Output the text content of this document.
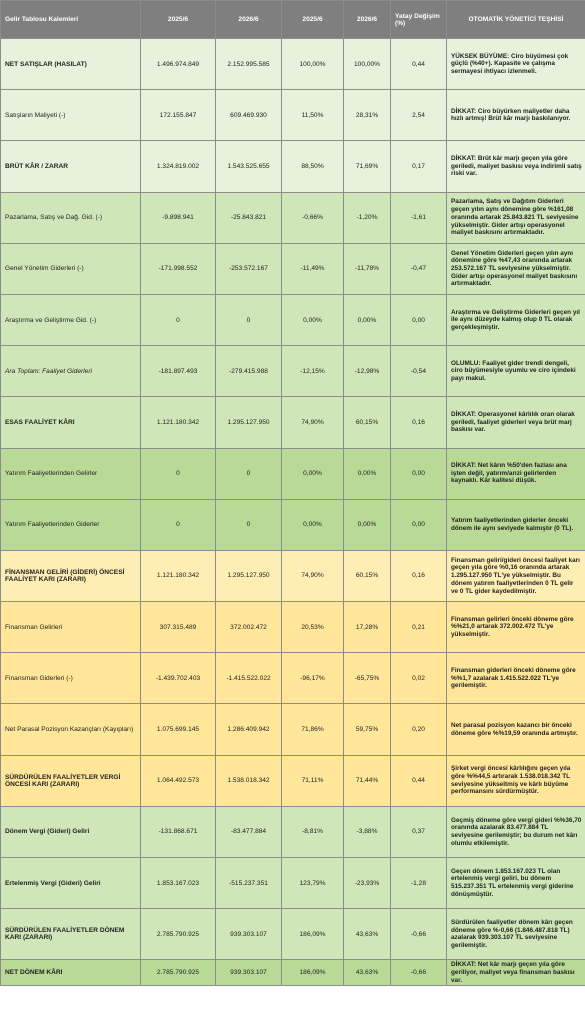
Gelir Tablosu Kalemleri	2025/6	2026/6	2025/6	2026/6	Yatay Değişim (%)	OTOMATİK YÖNETİCİ TEŞHİSİ
NET SATIŞLAR (HASILAT)	1.496.974.849	2.152.995.585	100,00%	100,00%	0,44	YÜKSEK BÜYÜME: Ciro büyümesi çok güçlü (%40+). Kapasite ve çalışma sermayesi ihtiyacı izlenmeli.
Satışların Maliyeti (-)	172.155.847	609.469.930	11,50%	28,31%	2,54	DİKKAT: Ciro büyürken maliyetler daha hızlı artmış! Brüt kâr marjı baskılanıyor.
BRÜT KÂR / ZARAR	1.324.819.002	1.543.525.655	88,50%	71,69%	0,17	DİKKAT: Brüt kâr marjı geçen yıla göre geriledi, maliyet baskısı veya indirimli satış riski var.
Pazarlama, Satış ve Dağ. Gid. (-)	-9.898.941	-25.843.821	-0,66%	-1,20%	-1,61	Pazarlama, Satış ve Dağıtım Giderleri geçen yılın aynı dönemine göre %161,08 oranında artarak 25.843.821 TL seviyesine yükselmiştir. Gider artışı operasyonel maliyet baskısını artırmaktadır.
Genel Yönetim Giderleri (-)	-171.998.552	-253.572.167	-11,49%	-11,78%	-0,47	Genel Yönetim Giderleri geçen yılın aynı dönemine göre %47,43 oranında artarak 253.572.167 TL seviyesine yükselmiştir. Gider artışı operasyonel maliyet baskısını artırmaktadır.
Araştırma ve Geliştirme Gid. (-)	0	0	0,00%	0,00%	0,00	Araştırma ve Geliştirme Giderleri geçen yıl ile aynı düzeyde kalmış olup 0 TL olarak gerçekleşmiştir.
Ara Toplam: Faaliyet Giderleri	-181.897.493	-279.415.988	-12,15%	-12,98%	-0,54	OLUMLU: Faaliyet gider trendi dengeli, ciro büyümesiyle uyumlu ve ciro içindeki payı makul.
ESAS FAALİYET KÂRI	1.121.180.342	1.295.127.950	74,90%	60,15%	0,16	DİKKAT: Operasyonel kârlılık oran olarak geriledi, faaliyet giderleri veya brüt marj baskısı var.
Yatırım Faaliyetlerinden Gelirler	0	0	0,00%	0,00%	0,00	DİKKAT: Net kârın %50'den fazlası ana işten değil, yatırım/arızi gelirlerden kaynaklı. Kâr kalitesi düşük.
Yatırım Faaliyetlerinden Giderler	0	0	0,00%	0,00%	0,00	Yatırım faaliyetlerinden giderler önceki dönem ile aynı seviyede kalmıştır (0 TL).
FİNANSMAN GELİRİ (GİDERİ) ÖNCESİ FAALİYET KARI (ZARARI)	1.121.180.342	1.295.127.950	74,90%	60,15%	0,16	Finansman geliri/gideri öncesi faaliyet karı geçen yıla göre %0,16 oranında artarak 1.295.127.950 TL'ye yükselmiştir. Bu dönem yatırım faaliyetlerinden 0 TL gelir ve 0 TL gider kaydedilmiştir.
Finansman Gelirleri	307.315.489	372.002.472	20,53%	17,28%	0,21	Finansman gelirleri önceki döneme göre %%21,0 artarak 372.002.472 TL'ye yükselmiştir.
Finansman Giderleri (-)	-1.439.702.403	-1.415.522.022	-96,17%	-65,75%	0,02	Finansman giderleri önceki döneme göre %%1,7 azalarak 1.415.522.022 TL'ye gerilemiştir.
Net Parasal Pozisyon Kazançları (Kayıpları)	1.075.699.145	1.286.409.942	71,86%	59,75%	0,20	Net parasal pozisyon kazancı bir önceki döneme göre %%19,59 oranında artmıştır.
SÜRDÜRÜLEN FAALİYETLER VERGİ ÖNCESİ KARI (ZARARI)	1.064.492.573	1.538.018.342	71,11%	71,44%	0,44	Şirket vergi öncesi kârlılığını geçen yıla göre %%44,5 artırarak 1.538.018.342 TL seviyesine yükseltmiş ve kârlı büyüme performansını sürdürmüştür.
Dönem Vergi (Gideri) Geliri	-131.868.671	-83.477.884	-8,81%	-3,88%	0,37	Geçmiş döneme göre vergi gideri %%36,70 oranında azalarak 83.477.884 TL seviyesine gerilemiştir; bu durum net kârı olumlu etkilemiştir.
Ertelenmiş Vergi (Gideri) Geliri	1.853.167.023	-515.237.351	123,79%	-23,93%	-1,28	Geçen dönem 1.853.167.023 TL olan ertelenmiş vergi geliri, bu dönem 515.237.351 TL ertelenmiş vergi giderine dönüşmüştür.
SÜRDÜRÜLEN FAALİYETLER DÖNEM KARI (ZARARI)	2.785.790.925	939.303.107	186,09%	43,63%	-0,66	Sürdürülen faaliyetler dönem kârı geçen döneme göre %-0,66 (1.846.487.818 TL) azalarak 939.303.107 TL seviyesine gerilemiştir.
NET DÖNEM KÂRI	2.785.790.925	939.303.107	186,09%	43,63%	-0,66	DİKKAT: Net kâr marjı geçen yıla göre geriliyor, maliyet veya finansman baskısı var.
